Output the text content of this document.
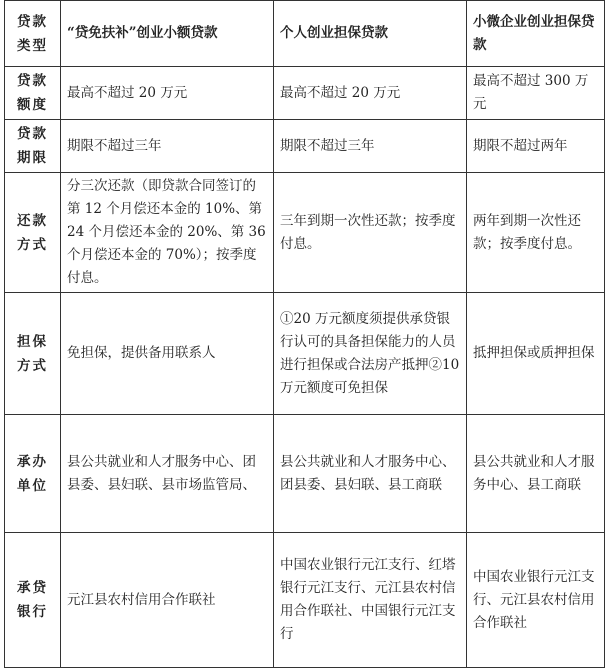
贷款
类型	“贷免扶补”创业小额贷款	个人创业担保贷款	小微企业创业担保贷款
贷款
额度	最高不超过 20 万元	最高不超过 20 万元	最高不超过 300 万元
贷款
期限	期限不超过三年	期限不超过三年	期限不超过两年
还款
方式	分三次还款（即贷款合同签订的第 12 个月偿还本金的 10%、第 24 个月偿还本金的 20%、第 36 个月偿还本金的 70%）；按季度付息。	三年到期一次性还款；按季度付息。	两年到期一次性还款；按季度付息。
担保
方式	免担保，提供备用联系人	①20 万元额度须提供承贷银行认可的具备担保能力的人员进行担保或合法房产抵押②10 万元额度可免担保	抵押担保或质押担保
承办
单位	县公共就业和人才服务中心、团县委、县妇联、县市场监管局、	县公共就业和人才服务中心、团县委、县妇联、县工商联	县公共就业和人才服务中心、县工商联
承贷
银行	元江县农村信用合作联社	中国农业银行元江支行、红塔银行元江支行、元江县农村信用合作联社、中国银行元江支行	中国农业银行元江支行、元江县农村信用合作联社
